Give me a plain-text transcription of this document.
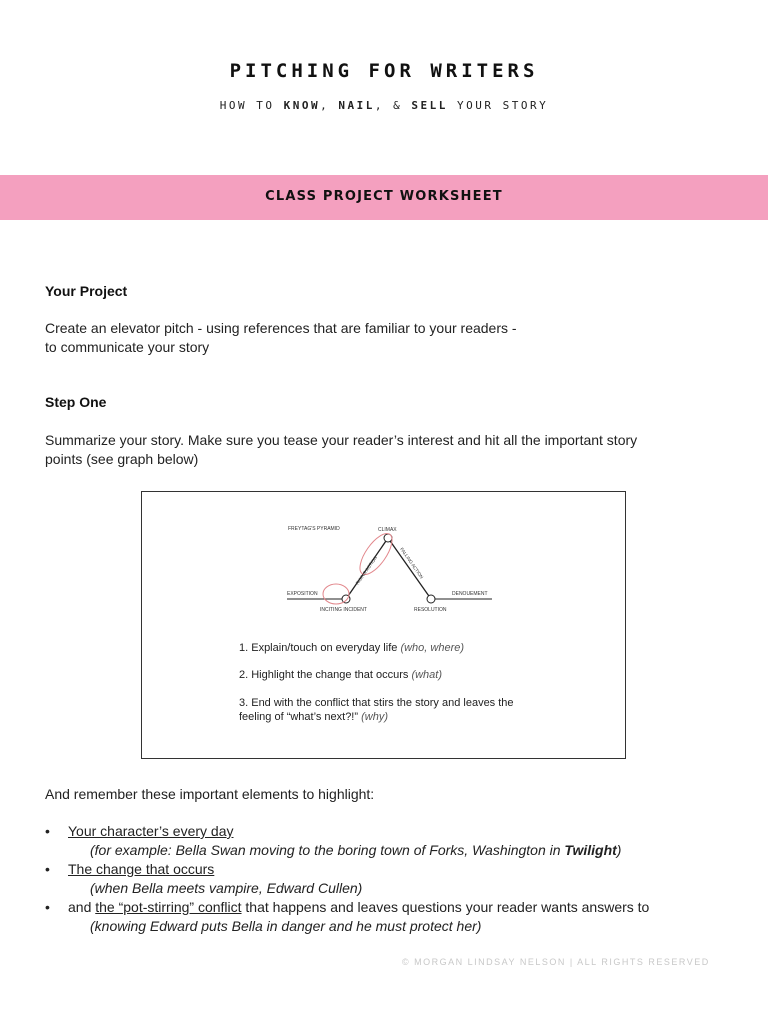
PITCHING FOR WRITERS
HOW TO KNOW, NAIL, & SELL YOUR STORY
CLASS PROJECT WORKSHEET
Your Project
Create an elevator pitch - using references that are familiar to your readers -
to communicate your story
Step One
Summarize your story. Make sure you tease your reader’s interest and hit all the important story
points (see graph below)
FREYTAG'S PYRAMID	CLIMAX
EXPOSITION
INCITING INCIDENT	RESOLUTION
DENOUEMENT
RISING ACTION	FALLING ACTION
1. Explain/touch on everyday life (who, where)
2. Highlight the change that occurs (what)
3. End with the conflict that stirs the story and leaves the
feeling of “what’s next?!” (why)
And remember these important elements to highlight:
• Your character’s every day
(for example: Bella Swan moving to the boring town of Forks, Washington in Twilight)
• The change that occurs
(when Bella meets vampire, Edward Cullen)
• and the “pot-stirring” conflict that happens and leaves questions your reader wants answers to
(knowing Edward puts Bella in danger and he must protect her)
© MORGAN LINDSAY NELSON | ALL RIGHTS RESERVED
